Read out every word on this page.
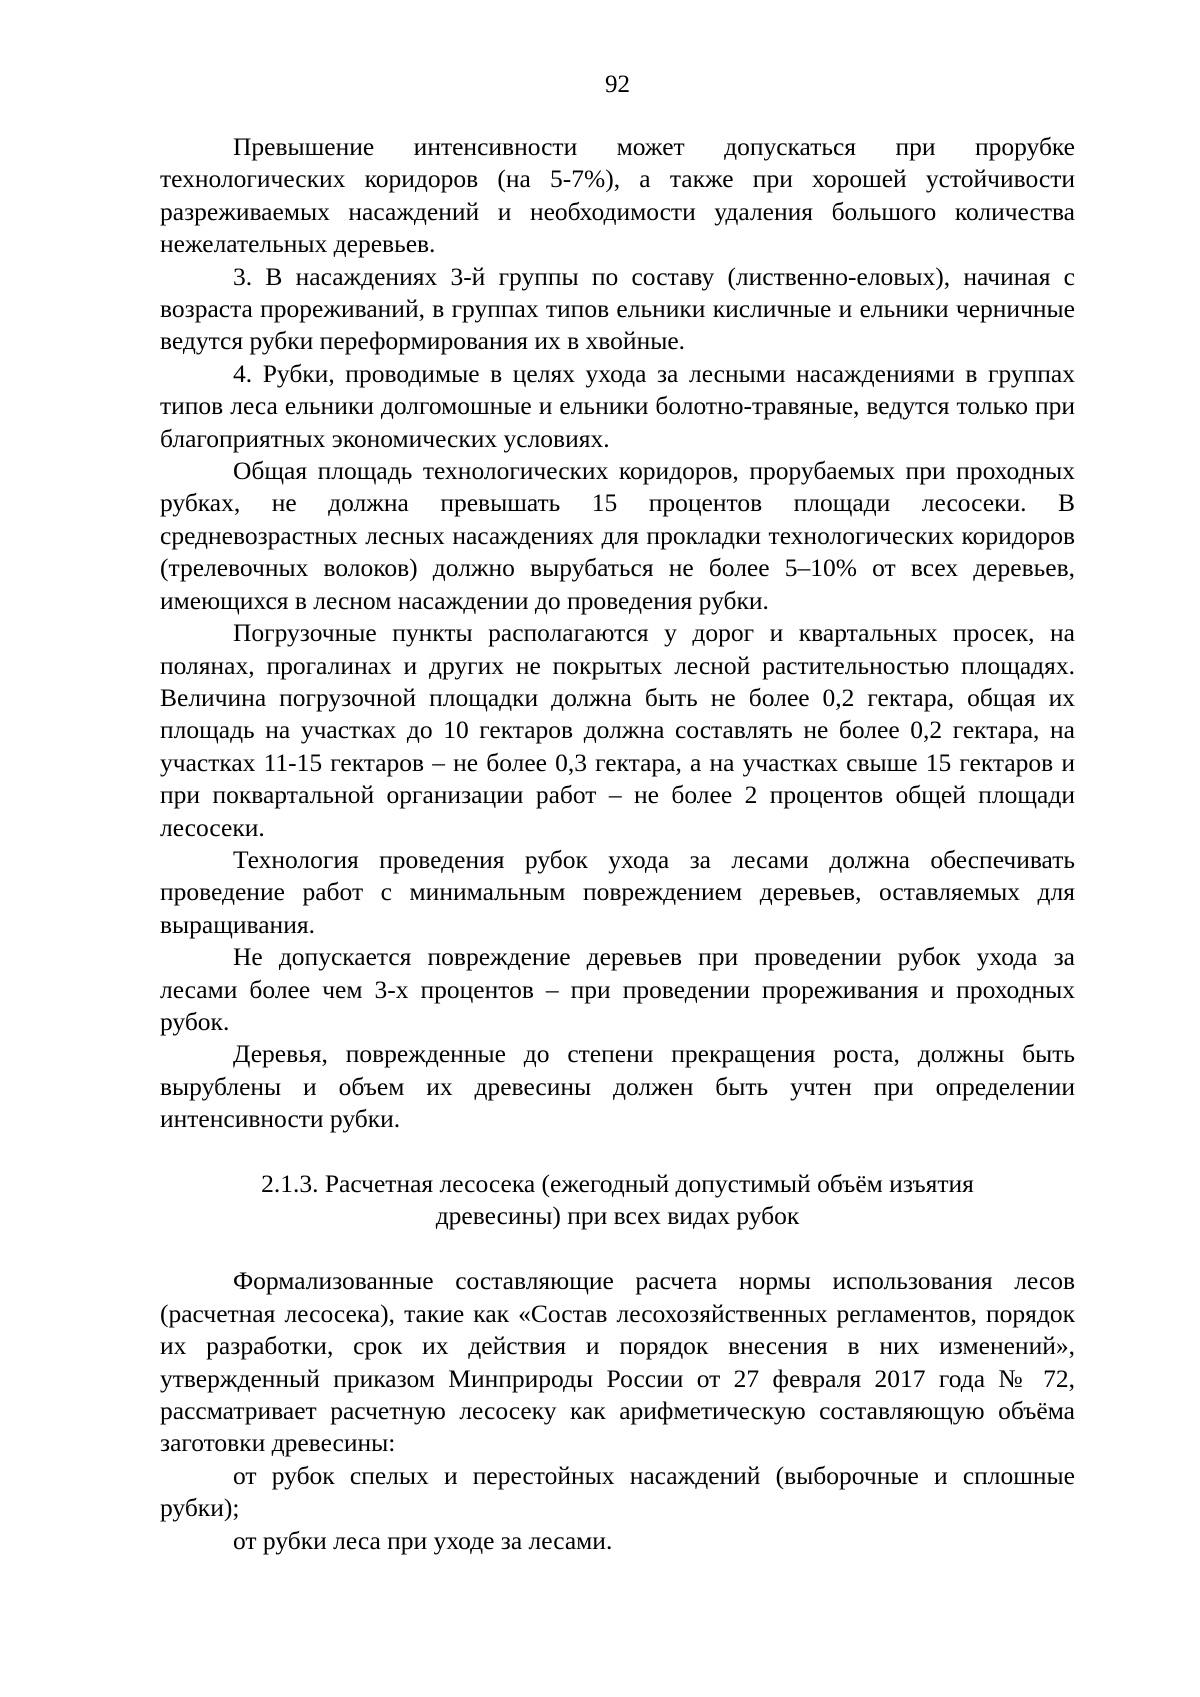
92

Превышение интенсивности может допускаться при прорубке технологических коридоров (на 5-7%), а также при хорошей устойчивости разреживаемых насаждений и необходимости удаления большого количества нежелательных деревьев.

3. В насаждениях 3-й группы по составу (лиственно-еловых), начиная с возраста прореживаний, в группах типов ельники кисличные и ельники черничные ведутся рубки переформирования их в хвойные.

4. Рубки, проводимые в целях ухода за лесными насаждениями в группах типов леса ельники долгомошные и ельники болотно-травяные, ведутся только при благоприятных экономических условиях.

Общая площадь технологических коридоров, прорубаемых при проходных рубках, не должна превышать 15 процентов площади лесосеки. В средневозрастных лесных насаждениях для прокладки технологических коридоров (трелевочных волоков) должно вырубаться не более 5–10% от всех деревьев, имеющихся в лесном насаждении до проведения рубки.

Погрузочные пункты располагаются у дорог и квартальных просек, на полянах, прогалинах и других не покрытых лесной растительностью площадях. Величина погрузочной площадки должна быть не более 0,2 гектара, общая их площадь на участках до 10 гектаров должна составлять не более 0,2 гектара, на участках 11-15 гектаров – не более 0,3 гектара, а на участках свыше 15 гектаров и при поквартальной организации работ – не более 2 процентов общей площади лесосеки.

Технология проведения рубок ухода за лесами должна обеспечивать проведение работ с минимальным повреждением деревьев, оставляемых для выращивания.

Не допускается повреждение деревьев при проведении рубок ухода за лесами более чем 3-х процентов – при проведении прореживания и проходных рубок.

Деревья, поврежденные до степени прекращения роста, должны быть вырублены и объем их древесины должен быть учтен при определении интенсивности рубки.

2.1.3. Расчетная лесосека (ежегодный допустимый объём изъятия
древесины) при всех видах рубок

Формализованные составляющие расчета нормы использования лесов (расчетная лесосека), такие как «Состав лесохозяйственных регламентов, порядок их разработки, срок их действия и порядок внесения в них изменений», утвержденный приказом Минприроды России от 27 февраля 2017 года № 72, рассматривает расчетную лесосеку как арифметическую составляющую объёма заготовки древесины:

от рубок спелых и перестойных насаждений (выборочные и сплошные рубки);

от рубки леса при уходе за лесами.
